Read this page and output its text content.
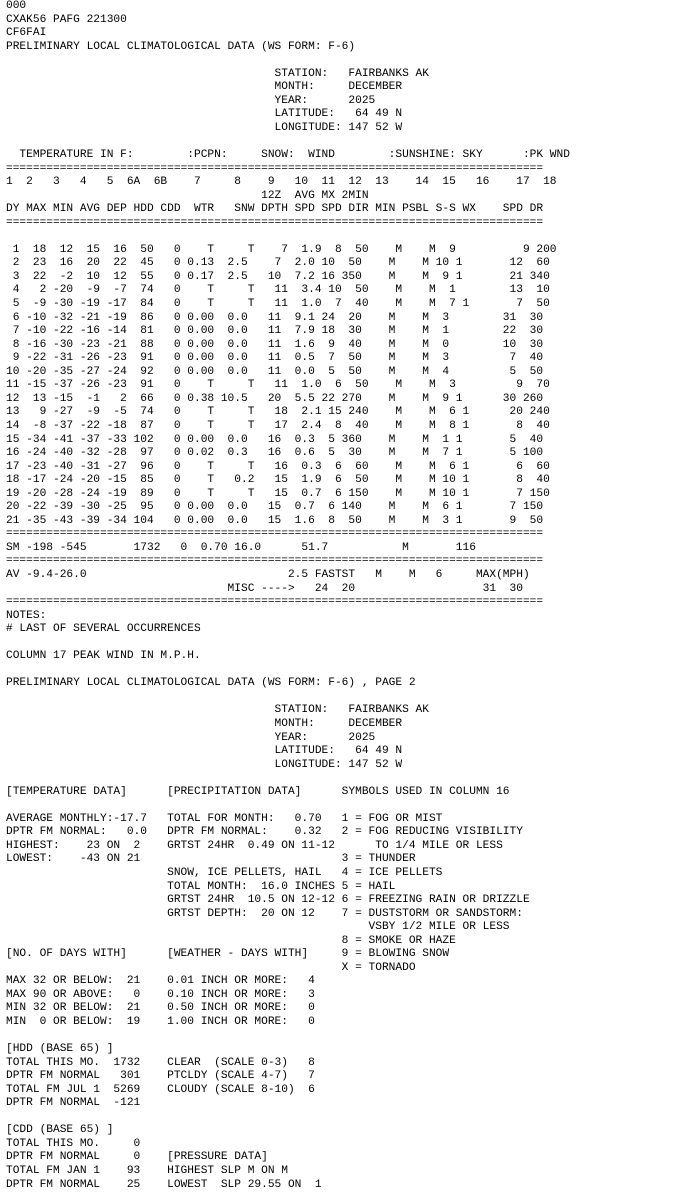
000
CXAK56 PAFG 221300
CF6FAI
PRELIMINARY LOCAL CLIMATOLOGICAL DATA (WS FORM: F-6)
STATION:   FAIRBANKS AK
MONTH:     DECEMBER
YEAR:      2025
LATITUDE:   64 49 N
LONGITUDE: 147 52 W
TEMPERATURE IN F:        :PCPN:     SNOW:  WIND        :SUNSHINE: SKY      :PK WND
================================================================================
1  2   3   4   5  6A  6B    7     8    9   10  11  12  13    14  15   16    17  18
12Z  AVG MX 2MIN
DY MAX MIN AVG DEP HDD CDD  WTR   SNW DPTH SPD SPD DIR MIN PSBL S-S WX    SPD DR
================================================================================
1  18  12  15  16  50   0    T     T    7  1.9  8  50    M    M  9          9 200
2  23  16  20  22  45   0 0.13  2.5    7  2.0 10  50    M    M 10 1       12  60
3  22  -2  10  12  55   0 0.17  2.5   10  7.2 16 350    M    M  9 1       21 340
4   2 -20  -9  -7  74   0    T     T   11  3.4 10  50    M    M  1        13  10
5  -9 -30 -19 -17  84   0    T     T   11  1.0  7  40    M    M  7 1       7  50
6 -10 -32 -21 -19  86   0 0.00  0.0   11  9.1 24  20    M    M  3        31  30
7 -10 -22 -16 -14  81   0 0.00  0.0   11  7.9 18  30    M    M  1        22  30
8 -16 -30 -23 -21  88   0 0.00  0.0   11  1.6  9  40    M    M  0        10  30
9 -22 -31 -26 -23  91   0 0.00  0.0   11  0.5  7  50    M    M  3         7  40
10 -20 -35 -27 -24  92   0 0.00  0.0   11  0.0  5  50    M    M  4         5  50
11 -15 -37 -26 -23  91   0    T     T   11  1.0  6  50    M    M  3         9  70
12  13 -15  -1   2  66   0 0.38 10.5   20  5.5 22 270    M    M  9 1      30 260
13   9 -27  -9  -5  74   0    T     T   18  2.1 15 240    M    M  6 1      20 240
14  -8 -37 -22 -18  87   0    T     T   17  2.4  8  40    M    M  8 1       8  40
15 -34 -41 -37 -33 102   0 0.00  0.0   16  0.3  5 360    M    M  1 1       5  40
16 -24 -40 -32 -28  97   0 0.02  0.3   16  0.6  5  30    M    M  7 1       5 100
17 -23 -40 -31 -27  96   0    T     T   16  0.3  6  60    M    M  6 1       6  60
18 -17 -24 -20 -15  85   0    T   0.2   15  1.9  6  50    M    M 10 1       8  40
19 -20 -28 -24 -19  89   0    T     T   15  0.7  6 150    M    M 10 1       7 150
20 -22 -39 -30 -25  95   0 0.00  0.0   15  0.7  6 140    M    M  6 1       7 150
21 -35 -43 -39 -34 104   0 0.00  0.0   15  1.6  8  50    M    M  3 1       9  50
================================================================================
SM -198 -545       1732   0  0.70 16.0      51.7           M       116
================================================================================
AV -9.4-26.0                              2.5 FASTST   M    M   6     MAX(MPH)
MISC ---->   24  20                   31  30
================================================================================
NOTES:
# LAST OF SEVERAL OCCURRENCES
COLUMN 17 PEAK WIND IN M.P.H.
PRELIMINARY LOCAL CLIMATOLOGICAL DATA (WS FORM: F-6) , PAGE 2
STATION:   FAIRBANKS AK
MONTH:     DECEMBER
YEAR:      2025
LATITUDE:   64 49 N
LONGITUDE: 147 52 W
[TEMPERATURE DATA]      [PRECIPITATION DATA]      SYMBOLS USED IN COLUMN 16
AVERAGE MONTHLY:-17.7   TOTAL FOR MONTH:   0.70   1 = FOG OR MIST
DPTR FM NORMAL:   0.0   DPTR FM NORMAL:    0.32   2 = FOG REDUCING VISIBILITY
HIGHEST:    23 ON  2    GRTST 24HR  0.49 ON 11-12      TO 1/4 MILE OR LESS
LOWEST:    -43 ON 21                              3 = THUNDER
SNOW, ICE PELLETS, HAIL   4 = ICE PELLETS
TOTAL MONTH:  16.0 INCHES 5 = HAIL
GRTST 24HR  10.5 ON 12-12 6 = FREEZING RAIN OR DRIZZLE
GRTST DEPTH:  20 ON 12    7 = DUSTSTORM OR SANDSTORM:
VSBY 1/2 MILE OR LESS
8 = SMOKE OR HAZE
[NO. OF DAYS WITH]      [WEATHER - DAYS WITH]     9 = BLOWING SNOW
X = TORNADO
MAX 32 OR BELOW:  21    0.01 INCH OR MORE:   4
MAX 90 OR ABOVE:   0    0.10 INCH OR MORE:   3
MIN 32 OR BELOW:  21    0.50 INCH OR MORE:   0
MIN  0 OR BELOW:  19    1.00 INCH OR MORE:   0
[HDD (BASE 65) ]
TOTAL THIS MO.  1732    CLEAR  (SCALE 0-3)   8
DPTR FM NORMAL   301    PTCLDY (SCALE 4-7)   7
TOTAL FM JUL 1  5269    CLOUDY (SCALE 8-10)  6
DPTR FM NORMAL  -121
[CDD (BASE 65) ]
TOTAL THIS MO.     0
DPTR FM NORMAL     0    [PRESSURE DATA]
TOTAL FM JAN 1    93    HIGHEST SLP M ON M
DPTR FM NORMAL    25    LOWEST  SLP 29.55 ON  1
